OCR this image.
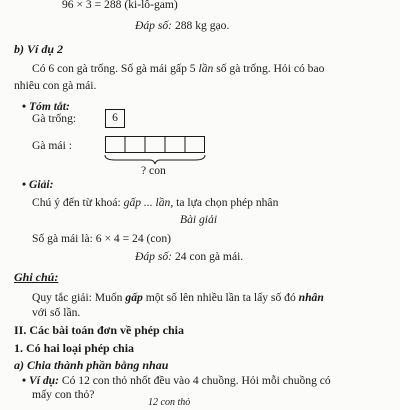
96 × 3 = 288 (ki-lô-gam)
Đáp số: 288 kg gạo.
b) Ví dụ 2
Có 6 con gà trống. Số gà mái gấp 5 lần số gà trống. Hỏi có bao
nhiêu con gà mái.
• Tóm tắt:
Gà trống:	6
Gà mái :
? con
• Giải:
Chú ý đến từ khoá: gấp ... lần, ta lựa chọn phép nhân
Bài giải
Số gà mái là: 6 × 4 = 24 (con)
Đáp số: 24 con gà mái.
Ghi chú:
Quy tắc giải: Muốn gấp một số lên nhiều lần ta lấy số đó nhân
với số lần.
II. Các bài toán đơn về phép chia
1. Có hai loại phép chia
a) Chia thành phần bằng nhau
• Ví dụ: Có 12 con thỏ nhốt đều vào 4 chuồng. Hỏi mỗi chuồng có
mấy con thỏ?
12 con thỏ
